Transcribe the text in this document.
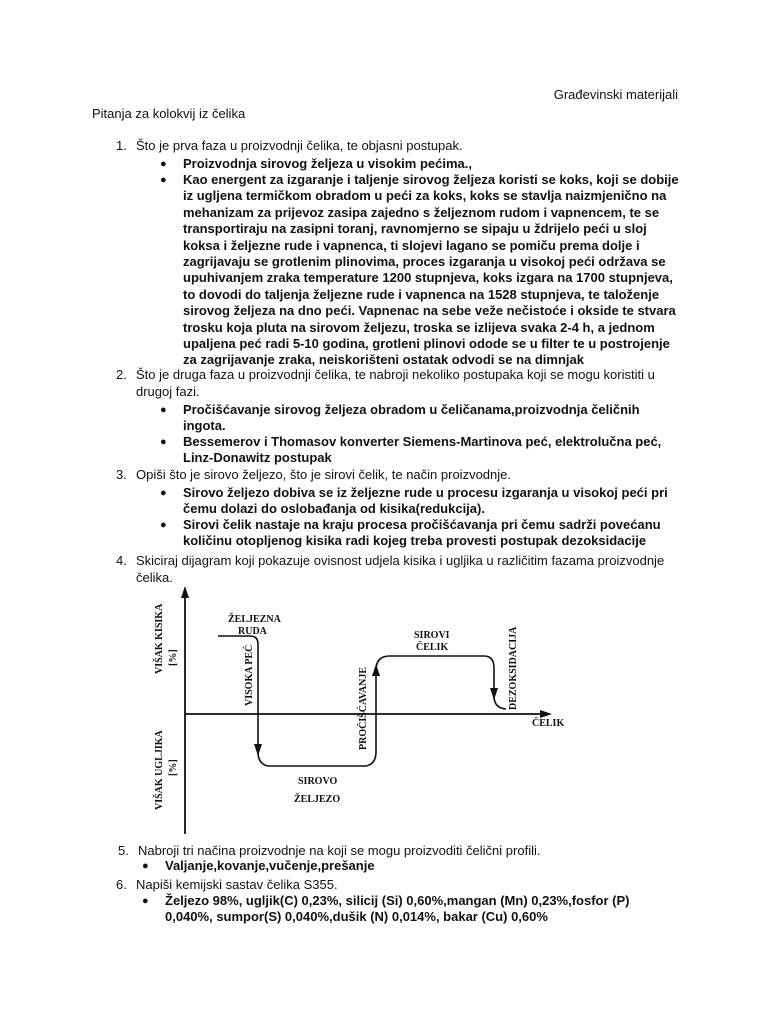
Građevinski materijali
Pitanja za kolokvij iz čelika
1. Što je prva faza u proizvodnji čelika, te objasni postupak.
● Proizvodnja sirovog željeza u visokim pećima.,
● Kao energent za izgaranje i taljenje sirovog željeza koristi se koks, koji se dobije iz ugljena termičkom obradom u peći za koks, koks se stavlja naizmjenično na mehanizam za prijevoz zasipa zajedno s željeznom rudom i vapnencem, te se transportiraju na zasipni toranj, ravnomjerno se sipaju u ždrijelo peći u sloj koksa i željezne rude i vapnenca, ti slojevi lagano se pomiču prema dolje i zagrijavaju se grotlenim plinovima, proces izgaranja u visokoj peći održava se upuhivanjem zraka temperature 1200 stupnjeva, koks izgara na 1700 stupnjeva, to dovodi do taljenja željezne rude i vapnenca na 1528 stupnjeva, te taloženje sirovog željeza na dno peći. Vapnenac na sebe veže nečistoće i okside te stvara trosku koja pluta na sirovom željezu, troska se izlijeva svaka 2-4 h, a jednom upaljena peć radi 5-10 godina, grotleni plinovi odode se u filter te u postrojenje za zagrijavanje zraka, neiskorišteni ostatak odvodi se na dimnjak
2. Što je druga faza u proizvodnji čelika, te nabroji nekoliko postupaka koji se mogu koristiti u drugoj fazi.
● Pročišćavanje sirovog željeza obradom u čeličanama,proizvodnja čeličnih ingota.
● Bessemerov i Thomasov konverter Siemens-Martinova peć, elektrolučna peć, Linz-Donawitz postupak
3. Opiši što je sirovo željezo, što je sirovi čelik, te način proizvodnje.
● Sirovo željezo dobiva se iz željezne rude u procesu izgaranja u visokoj peći pri čemu dolazi do oslobađanja od kisika(redukcija).
● Sirovi čelik nastaje na kraju procesa pročišćavanja pri čemu sadrži povećanu količinu otopljenog kisika radi kojeg treba provesti postupak dezoksidacije
4. Skiciraj dijagram koji pokazuje ovisnost udjela kisika i ugljika u različitim fazama proizvodnje čelika.
VIŠAK KISIKA [%]
VIŠAK UGLJIKA [%]
ČELIK
ŽELJEZNA
RUDA
VISOKA PEĆ
SIROVO
ŽELJEZO
PROČIŠĆAVANJE
SIROVI
ČELIK	DEZOKSIDACIJA
5. Nabroji tri načina proizvodnje na koji se mogu proizvoditi čelični profili.
● Valjanje,kovanje,vučenje,prešanje
6. Napiši kemijski sastav čelika S355.
● Željezo 98%, ugljik(C) 0,23%, silicij (Si) 0,60%,mangan (Mn) 0,23%,fosfor (P) 0,040%, sumpor(S) 0,040%,dušik (N) 0,014%, bakar (Cu) 0,60%
